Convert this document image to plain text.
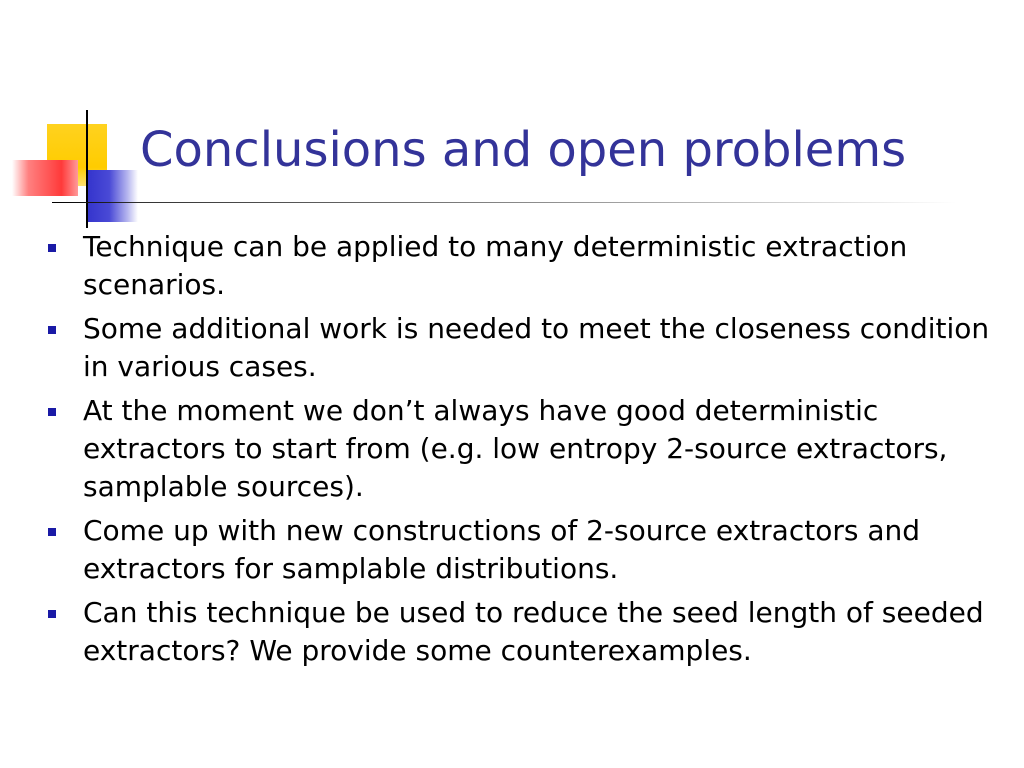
Conclusions and open problems
Technique can be applied to many deterministic extraction scenarios.
Some additional work is needed to meet the closeness condition in various cases.
At the moment we don’t always have good deterministic extractors to start from (e.g. low entropy 2-source extractors, samplable sources).
Come up with new constructions of 2-source extractors and extractors for samplable distributions.
Can this technique be used to reduce the seed length of seeded extractors? We provide some counterexamples.
